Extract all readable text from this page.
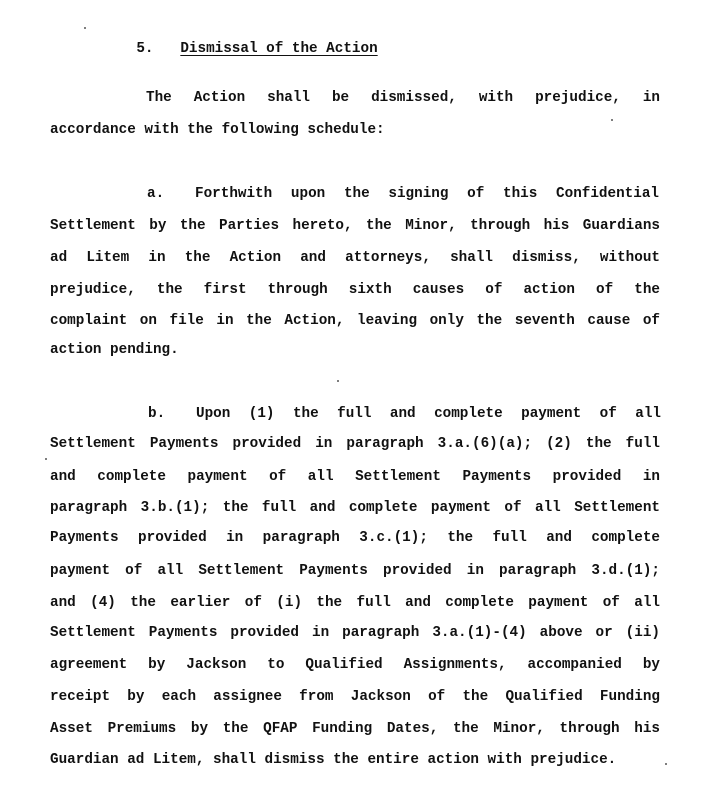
5. Dismissal of the Action

The Action shall be dismissed, with prejudice, in
accordance with the following schedule:
a. Forthwith upon the signing of this Confidential
Settlement by the Parties hereto, the Minor, through his Guardians
ad Litem in the Action and attorneys, shall dismiss, without
prejudice, the first through sixth causes of action of the
complaint on file in the Action, leaving only the seventh cause of
action pending.
b. Upon (1) the full and complete payment of all
Settlement Payments provided in paragraph 3.a.(6)(a); (2) the full
and complete payment of all Settlement Payments provided in
paragraph 3.b.(1); the full and complete payment of all Settlement
Payments provided in paragraph 3.c.(1); the full and complete
payment of all Settlement Payments provided in paragraph 3.d.(1);
and (4) the earlier of (i) the full and complete payment of all
Settlement Payments provided in paragraph 3.a.(1)-(4) above or (ii)
agreement by Jackson to Qualified Assignments, accompanied by
receipt by each assignee from Jackson of the Qualified Funding
Asset Premiums by the QFAP Funding Dates, the Minor, through his
Guardian ad Litem, shall dismiss the entire action with prejudice.
